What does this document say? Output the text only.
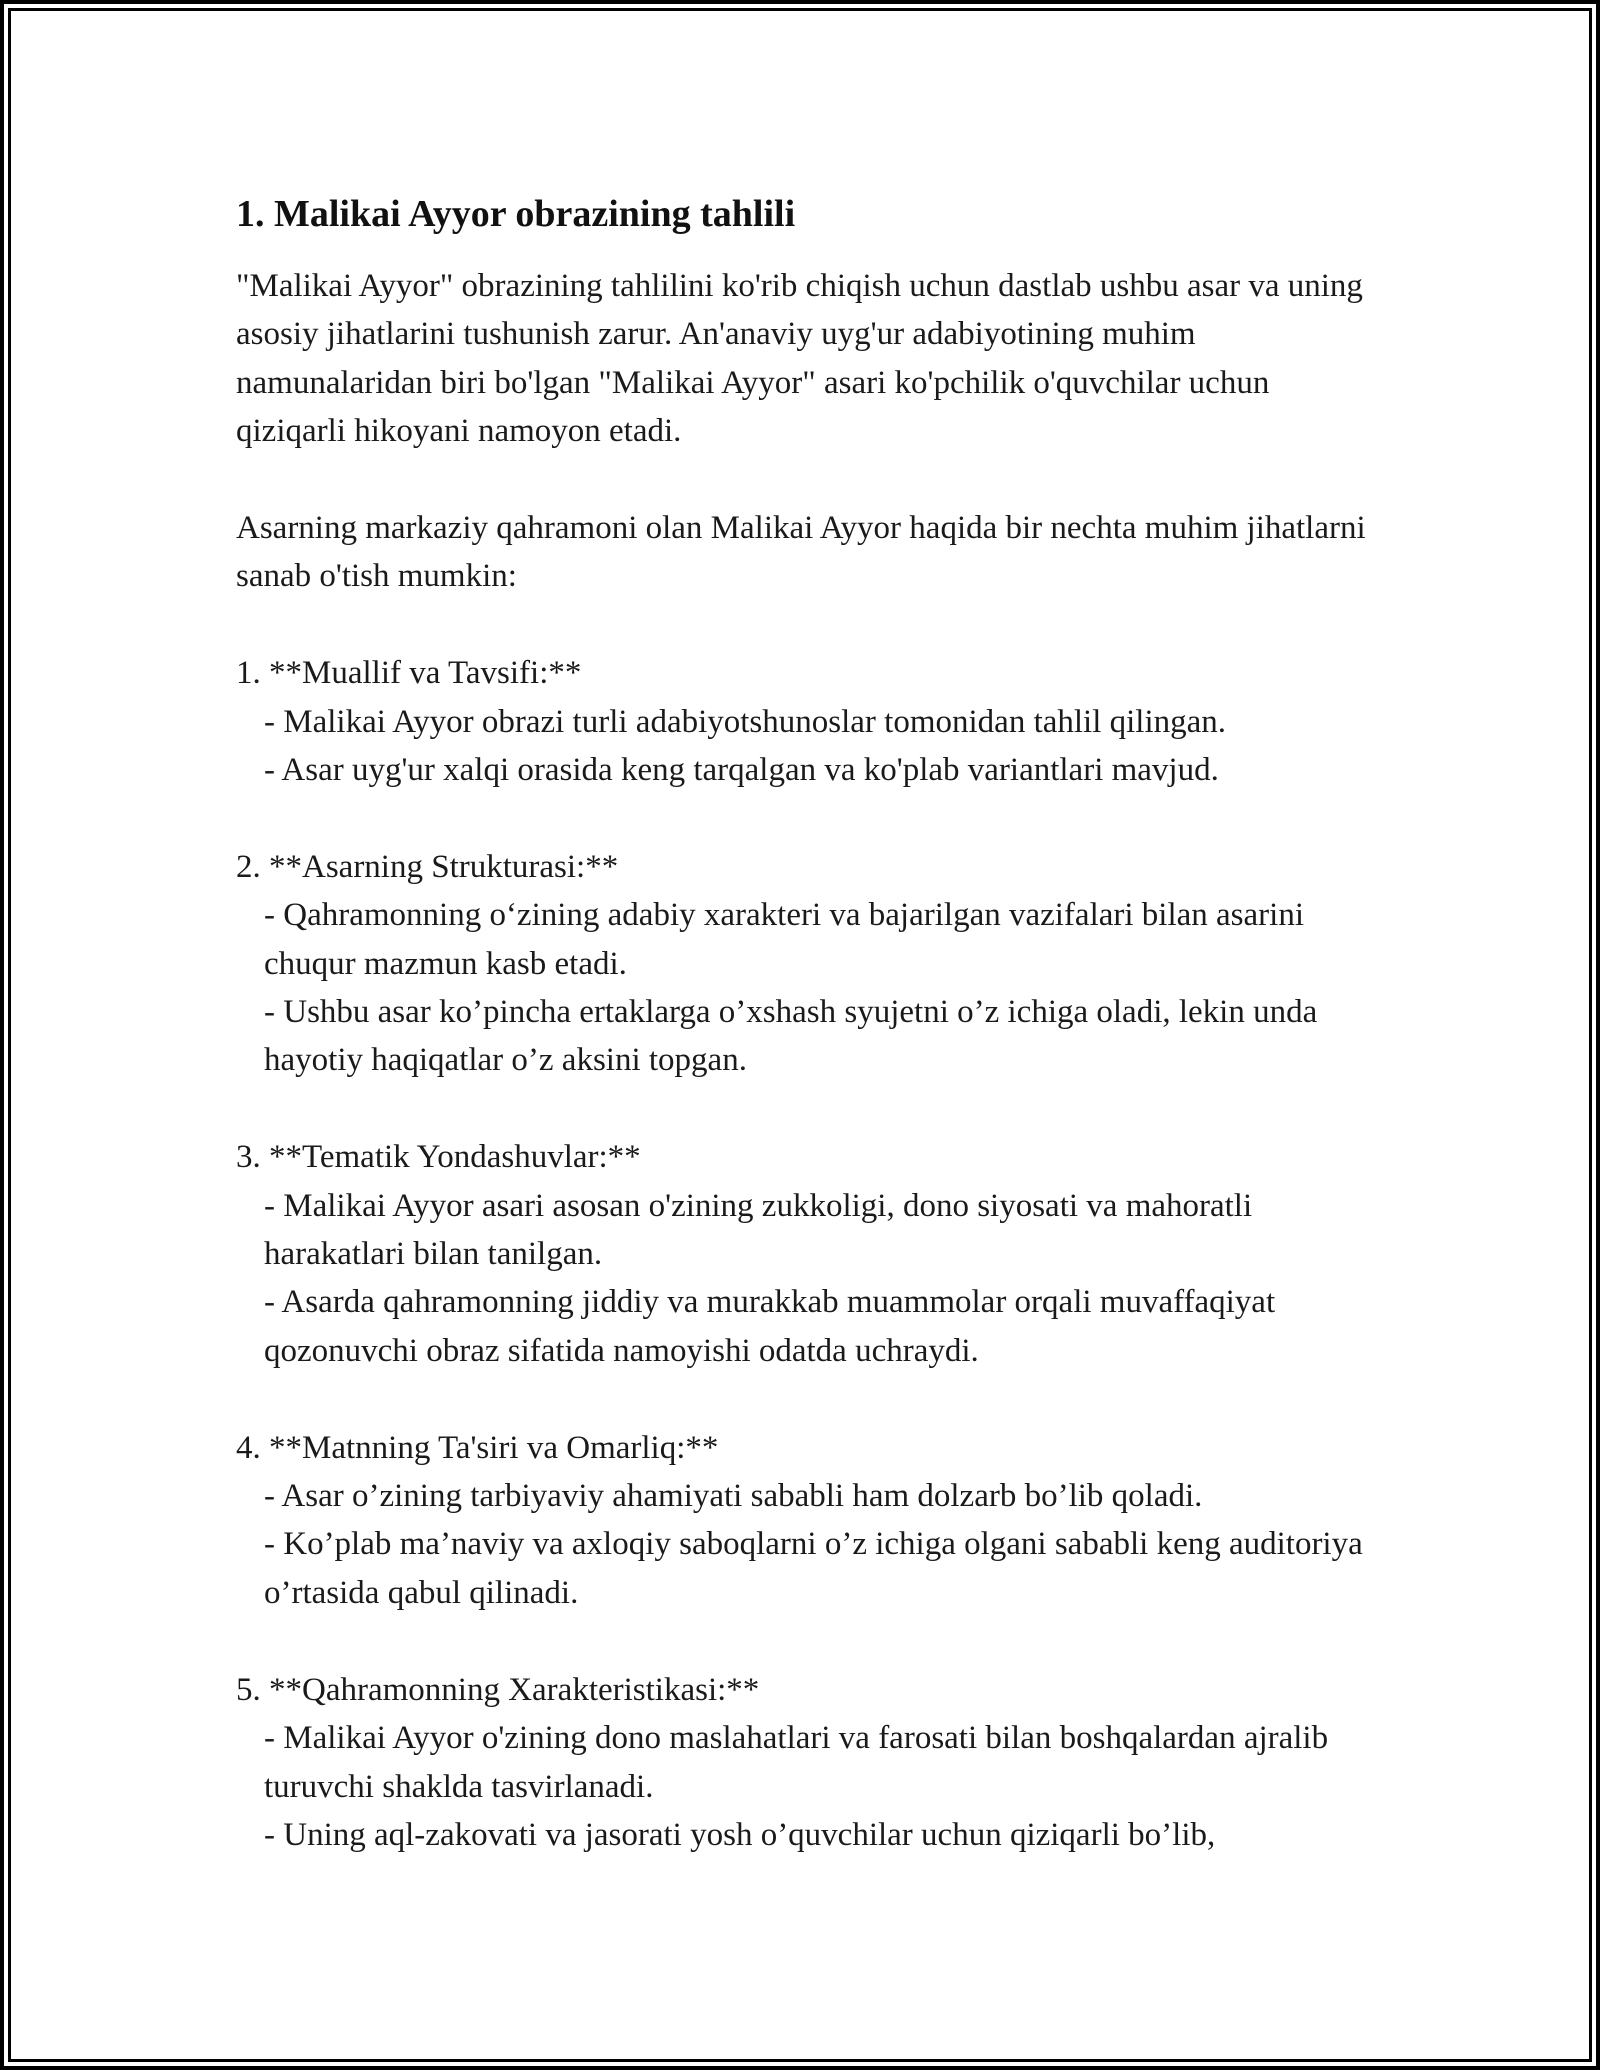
1. Malikai Ayyor obrazining tahlili

"Malikai Ayyor" obrazining tahlilini ko'rib chiqish uchun dastlab ushbu asar va uning asosiy jihatlarini tushunish zarur. An'anaviy uyg'ur adabiyotining muhim namunalaridan biri bo'lgan "Malikai Ayyor" asari ko'pchilik o'quvchilar uchun qiziqarli hikoyani namoyon etadi.

Asarning markaziy qahramoni olan Malikai Ayyor haqida bir nechta muhim jihatlarni sanab o'tish mumkin:

1. **Muallif va Tavsifi:**
- Malikai Ayyor obrazi turli adabiyotshunoslar tomonidan tahlil qilingan.
- Asar uyg'ur xalqi orasida keng tarqalgan va ko'plab variantlari mavjud.
2. **Asarning Strukturasi:**
- Qahramonning o‘zining adabiy xarakteri va bajarilgan vazifalari bilan asarini chuqur mazmun kasb etadi.
- Ushbu asar ko’pincha ertaklarga o’xshash syujetni o’z ichiga oladi, lekin unda hayotiy haqiqatlar o’z aksini topgan.
3. **Tematik Yondashuvlar:**
- Malikai Ayyor asari asosan o'zining zukkoligi, dono siyosati va mahoratli harakatlari bilan tanilgan.
- Asarda qahramonning jiddiy va murakkab muammolar orqali muvaffaqiyat qozonuvchi obraz sifatida namoyishi odatda uchraydi.
4. **Matnning Ta'siri va Omarliq:**
- Asar o’zining tarbiyaviy ahamiyati sababli ham dolzarb bo’lib qoladi.
- Ko’plab ma’naviy va axloqiy saboqlarni o’z ichiga olgani sababli keng auditoriya o’rtasida qabul qilinadi.
5. **Qahramonning Xarakteristikasi:**
- Malikai Ayyor o'zining dono maslahatlari va farosati bilan boshqalardan ajralib turuvchi shaklda tasvirlanadi.
- Uning aql-zakovati va jasorati yosh o’quvchilar uchun qiziqarli bo’lib,
